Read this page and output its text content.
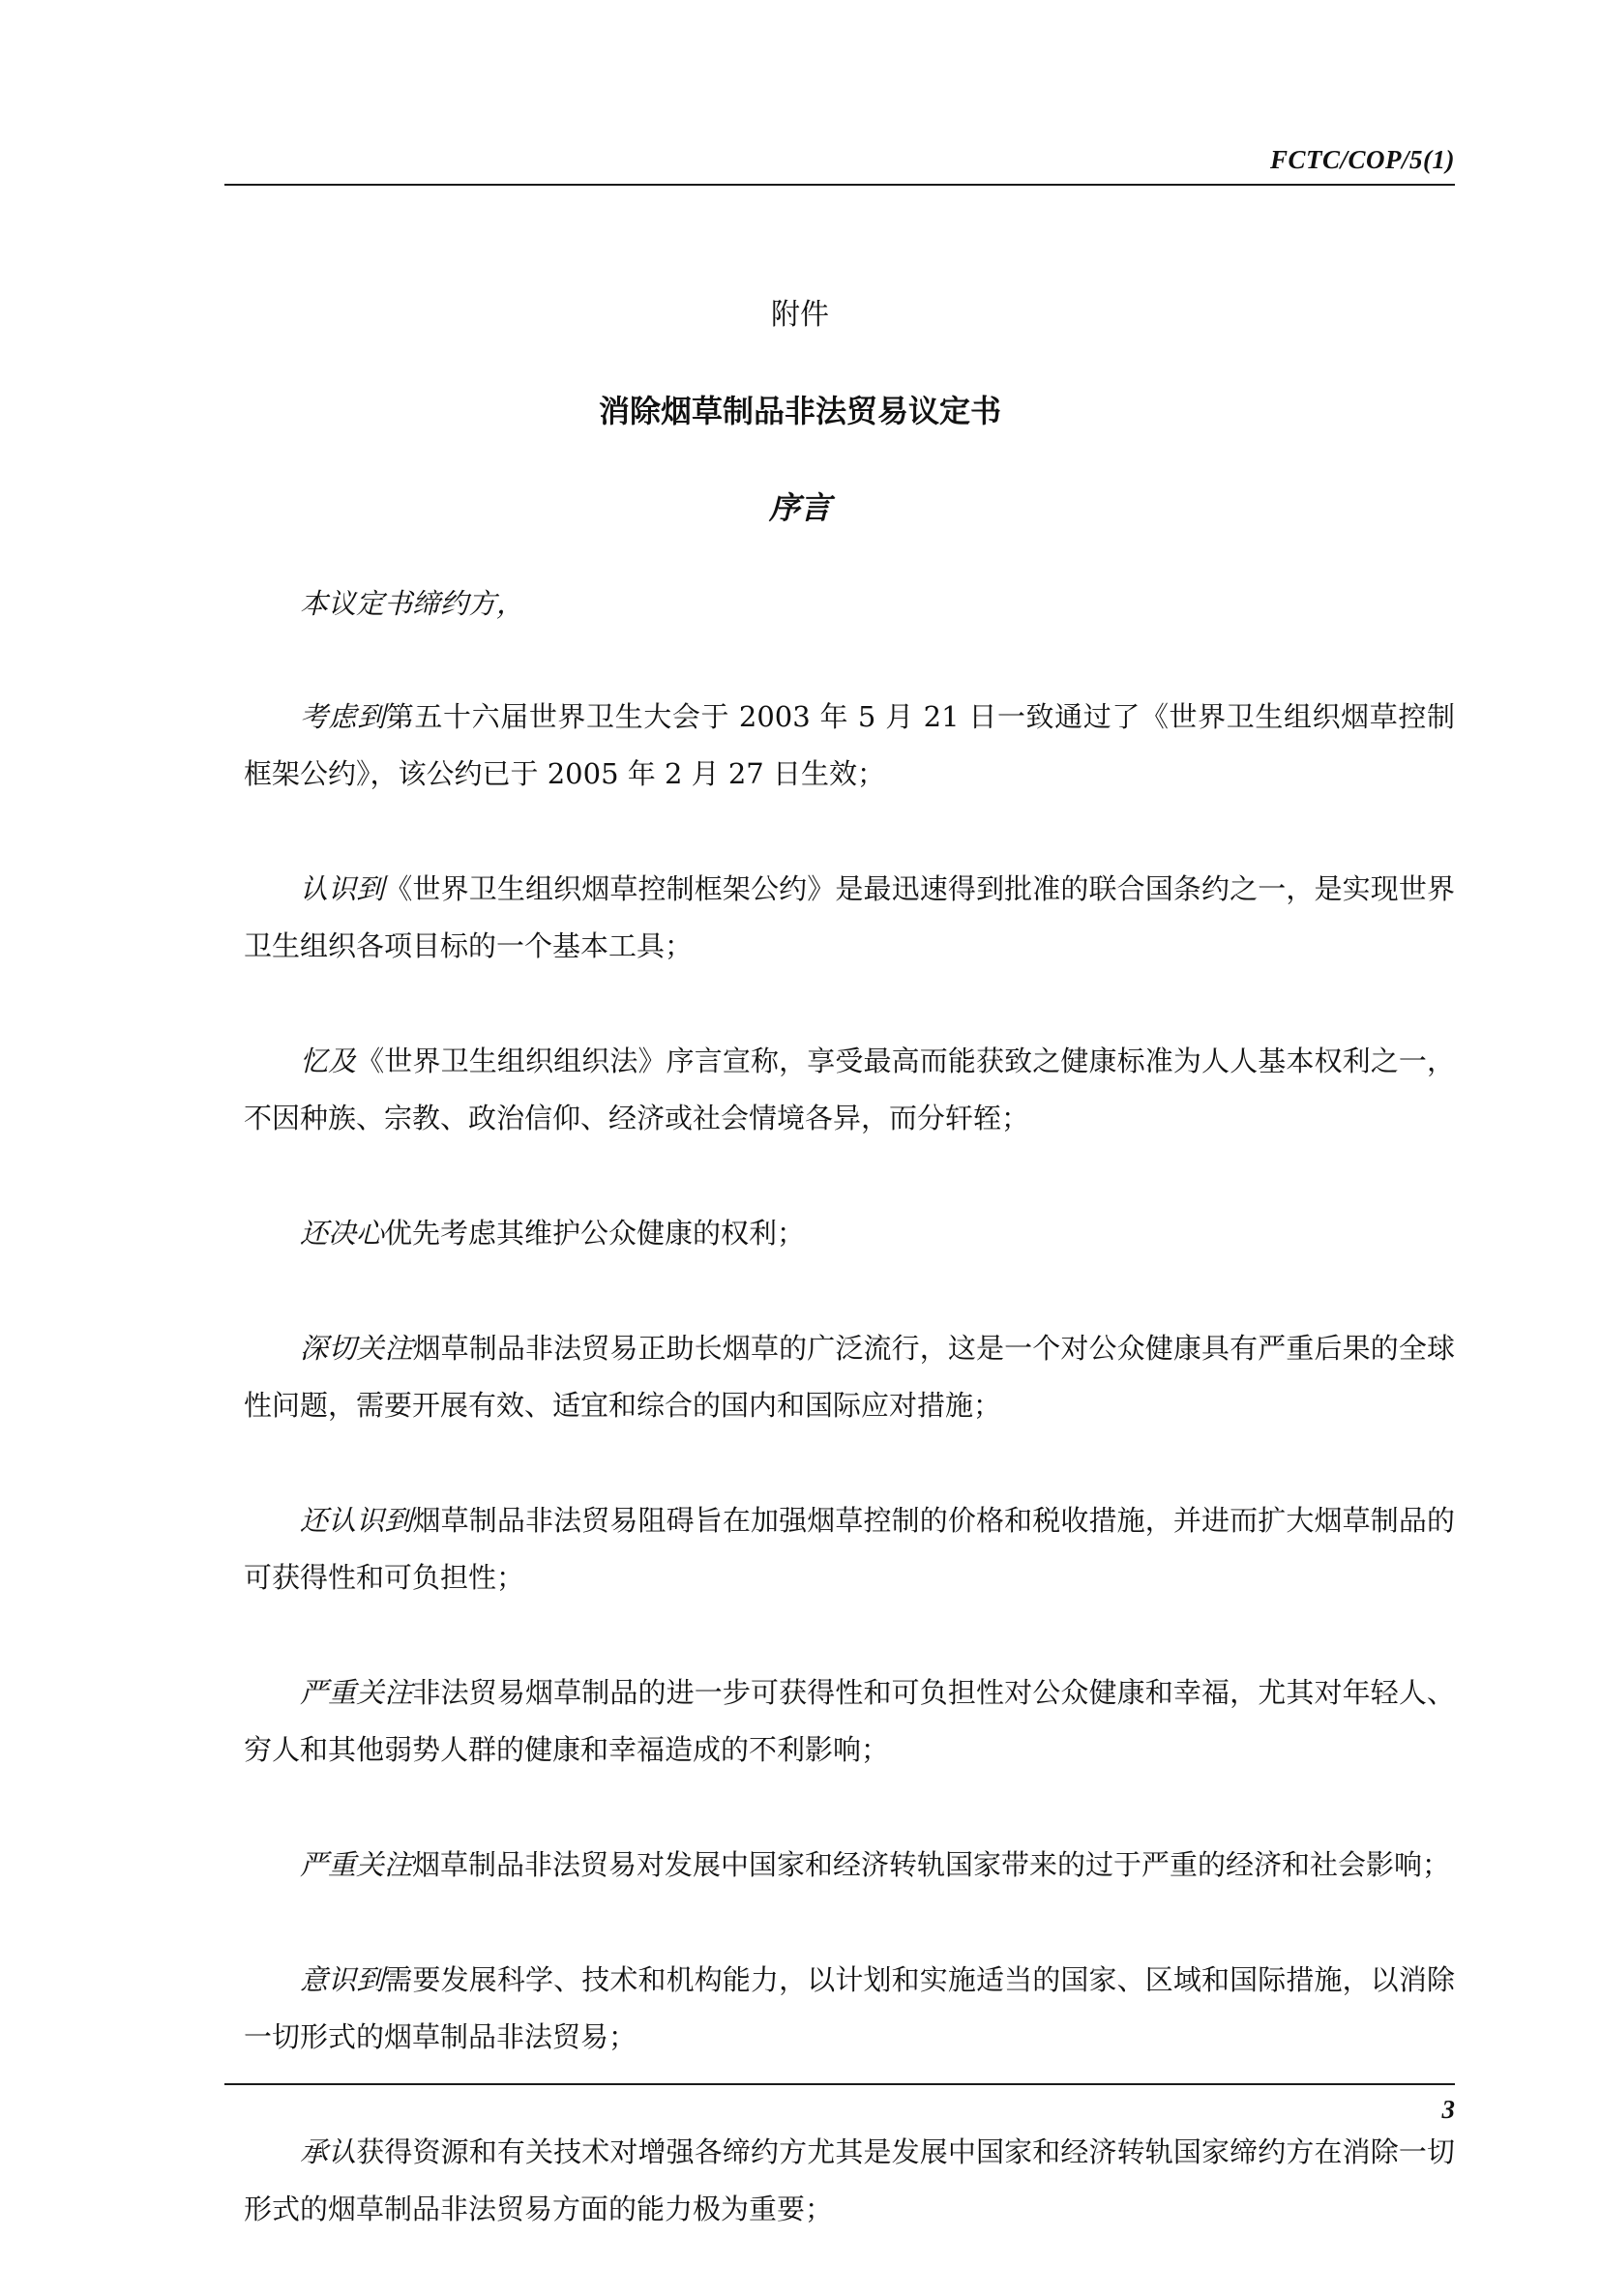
FCTC/COP/5(1)
附件
消除烟草制品非法贸易议定书
序言

本议定书缔约方，

考虑到第五十六届世界卫生大会于 2003 年 5 月 21 日一致通过了《世界卫生组织烟草控制框架公约》，该公约已于 2005 年 2 月 27 日生效；

认识到《世界卫生组织烟草控制框架公约》是最迅速得到批准的联合国条约之一，是实现世界卫生组织各项目标的一个基本工具；

忆及《世界卫生组织组织法》序言宣称，享受最高而能获致之健康标准为人人基本权利之一，不因种族、宗教、政治信仰、经济或社会情境各异，而分轩轾；

还决心优先考虑其维护公众健康的权利；

深切关注烟草制品非法贸易正助长烟草的广泛流行，这是一个对公众健康具有严重后果的全球性问题，需要开展有效、适宜和综合的国内和国际应对措施；

还认识到烟草制品非法贸易阻碍旨在加强烟草控制的价格和税收措施，并进而扩大烟草制品的可获得性和可负担性；

严重关注非法贸易烟草制品的进一步可获得性和可负担性对公众健康和幸福，尤其对年轻人、穷人和其他弱势人群的健康和幸福造成的不利影响；

严重关注烟草制品非法贸易对发展中国家和经济转轨国家带来的过于严重的经济和社会影响；

意识到需要发展科学、技术和机构能力，以计划和实施适当的国家、区域和国际措施，以消除一切形式的烟草制品非法贸易；

承认获得资源和有关技术对增强各缔约方尤其是发展中国家和经济转轨国家缔约方在消除一切形式的烟草制品非法贸易方面的能力极为重要；

3
